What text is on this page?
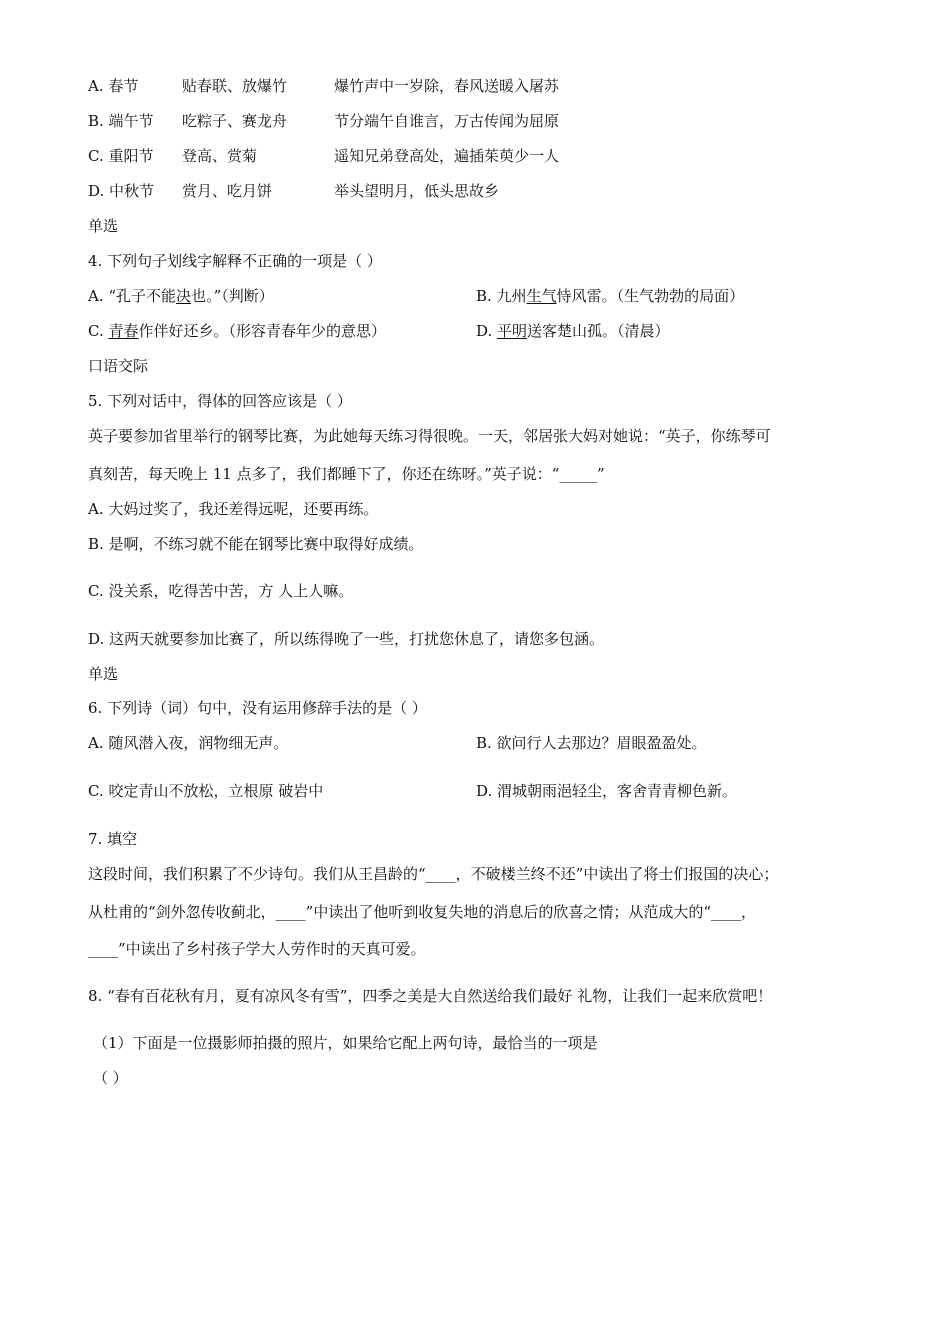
A. 春节	贴春联、放爆竹	爆竹声中一岁除，春风送暖入屠苏
B. 端午节 吃粽子、赛龙舟	节分端午自谁言，万古传闻为屈原
C. 重阳节 登高、赏菊	遥知兄弟登高处，遍插茱萸少一人
D. 中秋节 赏月、吃月饼	举头望明月，低头思故乡
单选
4. 下列句子划线字解释不正确的一项是（ ）
A. “孔子不能决也。”（判断）	B. 九州生气恃风雷。（生气勃勃的局面）
C. 青春作伴好还乡。（形容青春年少的意思）	D. 平明送客楚山孤。（清晨）
口语交际
5. 下列对话中，得体的回答应该是（ ）
英子要参加省里举行的钢琴比赛，为此她每天练习得很晚。一天，邻居张大妈对她说：“英子，你练琴可
真刻苦，每天晚上 11 点多了，我们都睡下了，你还在练呀。”英子说：“_____”
A. 大妈过奖了，我还差得远呢，还要再练。
B. 是啊，不练习就不能在钢琴比赛中取得好成绩。
C. 没关系，吃得苦中苦，方 人上人嘛。
D. 这两天就要参加比赛了，所以练得晚了一些，打扰您休息了，请您多包涵。
单选
6. 下列诗（词）句中，没有运用修辞手法的是（ ）
A. 随风潜入夜，润物细无声。	B. 欲问行人去那边？眉眼盈盈处。
C. 咬定青山不放松，立根原 破岩中	D. 渭城朝雨浥轻尘，客舍青青柳色新。
7. 填空
这段时间，我们积累了不少诗句。我们从王昌龄的“____，不破楼兰终不还”中读出了将士们报国的决心；
从杜甫的“剑外忽传收蓟北，____”中读出了他听到收复失地的消息后的欣喜之情；从范成大的“____，
____”中读出了乡村孩子学大人劳作时的天真可爱。
8. “春有百花秋有月，夏有凉风冬有雪”，四季之美是大自然送给我们最好 礼物，让我们一起来欣赏吧！
（1）下面是一位摄影师拍摄的照片，如果给它配上两句诗，最恰当的一项是
（ ）
